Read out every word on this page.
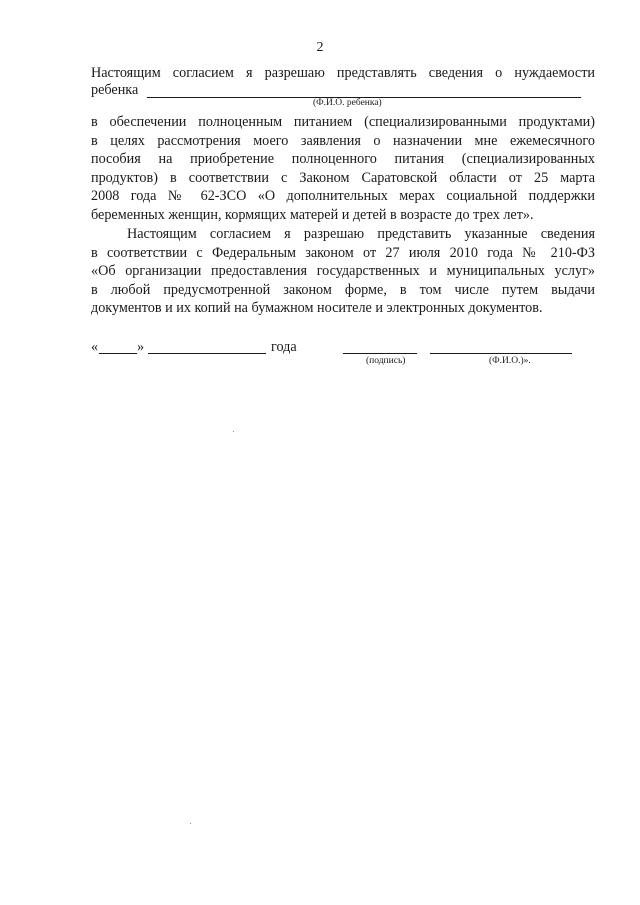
2
Настоящим согласием я разрешаю представлять сведения о нуждаемости
ребенка
(Ф.И.О. ребенка)
в обеспечении полноценным питанием (специализированными продуктами)
в целях рассмотрения моего заявления о назначении мне ежемесячного
пособия на приобретение полноценного питания (специализированных
продуктов) в соответствии с Законом Саратовской области от 25 марта
2008 года № 62-ЗСО «О дополнительных мерах социальной поддержки
беременных женщин, кормящих матерей и детей в возрасте до трех лет».
Настоящим согласием я разрешаю представить указанные сведения
в соответствии с Федеральным законом от 27 июля 2010 года № 210-ФЗ
«Об организации предоставления государственных и муниципальных услуг»
в любой предусмотренной законом форме, в том числе путем выдачи
документов и их копий на бумажном носителе и электронных документов.
«	»	года
(подпись)	(Ф.И.О.)».
